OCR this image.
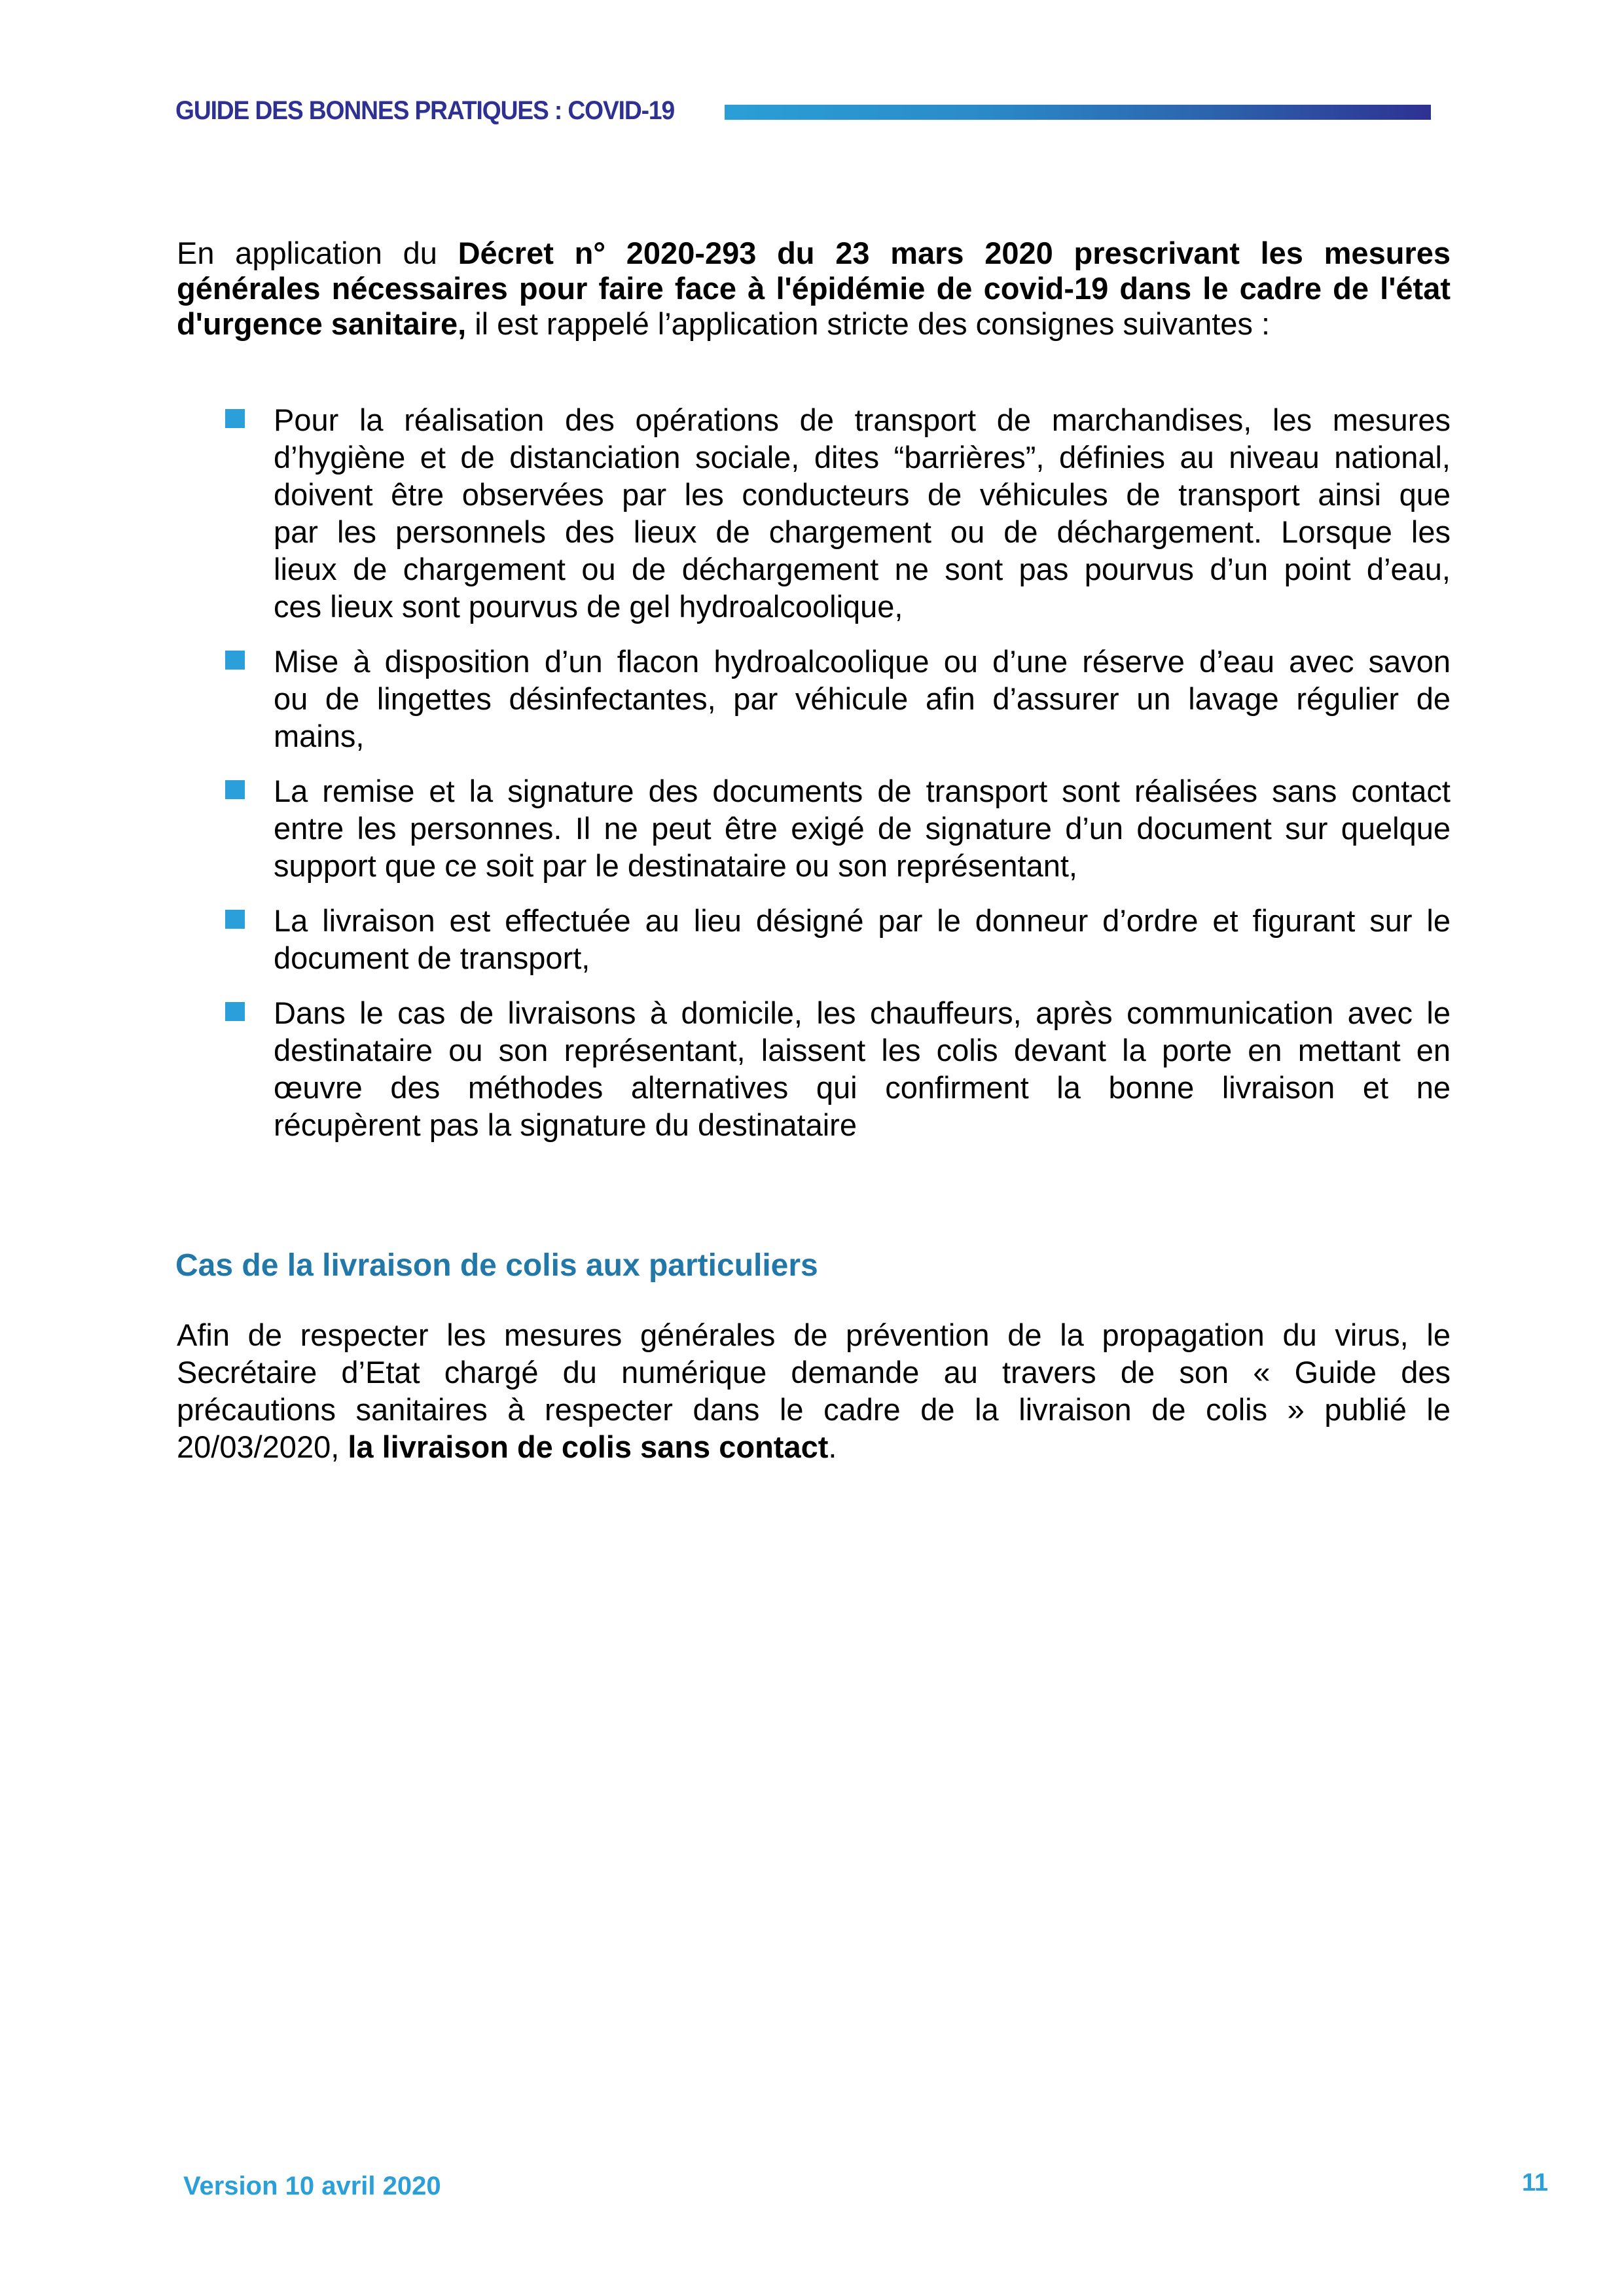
GUIDE DES BONNES PRATIQUES : COVID-19
En application du Décret n° 2020-293 du 23 mars 2020 prescrivant les mesures
générales nécessaires pour faire face à l'épidémie de covid-19 dans le cadre de l'état
d'urgence sanitaire, il est rappelé l’application stricte des consignes suivantes :
Pour la réalisation des opérations de transport de marchandises, les mesures
d’hygiène et de distanciation sociale, dites “barrières”, définies au niveau national,
doivent être observées par les conducteurs de véhicules de transport ainsi que
par les personnels des lieux de chargement ou de déchargement. Lorsque les
lieux de chargement ou de déchargement ne sont pas pourvus d’un point d’eau,
ces lieux sont pourvus de gel hydroalcoolique,
Mise à disposition d’un flacon hydroalcoolique ou d’une réserve d’eau avec savon
ou de lingettes désinfectantes, par véhicule afin d’assurer un lavage régulier de
mains,
La remise et la signature des documents de transport sont réalisées sans contact
entre les personnes. Il ne peut être exigé de signature d’un document sur quelque
support que ce soit par le destinataire ou son représentant,
La livraison est effectuée au lieu désigné par le donneur d’ordre et figurant sur le
document de transport,
Dans le cas de livraisons à domicile, les chauffeurs, après communication avec le
destinataire ou son représentant, laissent les colis devant la porte en mettant en
œuvre des méthodes alternatives qui confirment la bonne livraison et ne
récupèrent pas la signature du destinataire
Cas de la livraison de colis aux particuliers
Afin de respecter les mesures générales de prévention de la propagation du virus, le
Secrétaire d’Etat chargé du numérique demande au travers de son « Guide des
précautions sanitaires à respecter dans le cadre de la livraison de colis » publié le
20/03/2020, la livraison de colis sans contact.
Version 10 avril 2020	11
